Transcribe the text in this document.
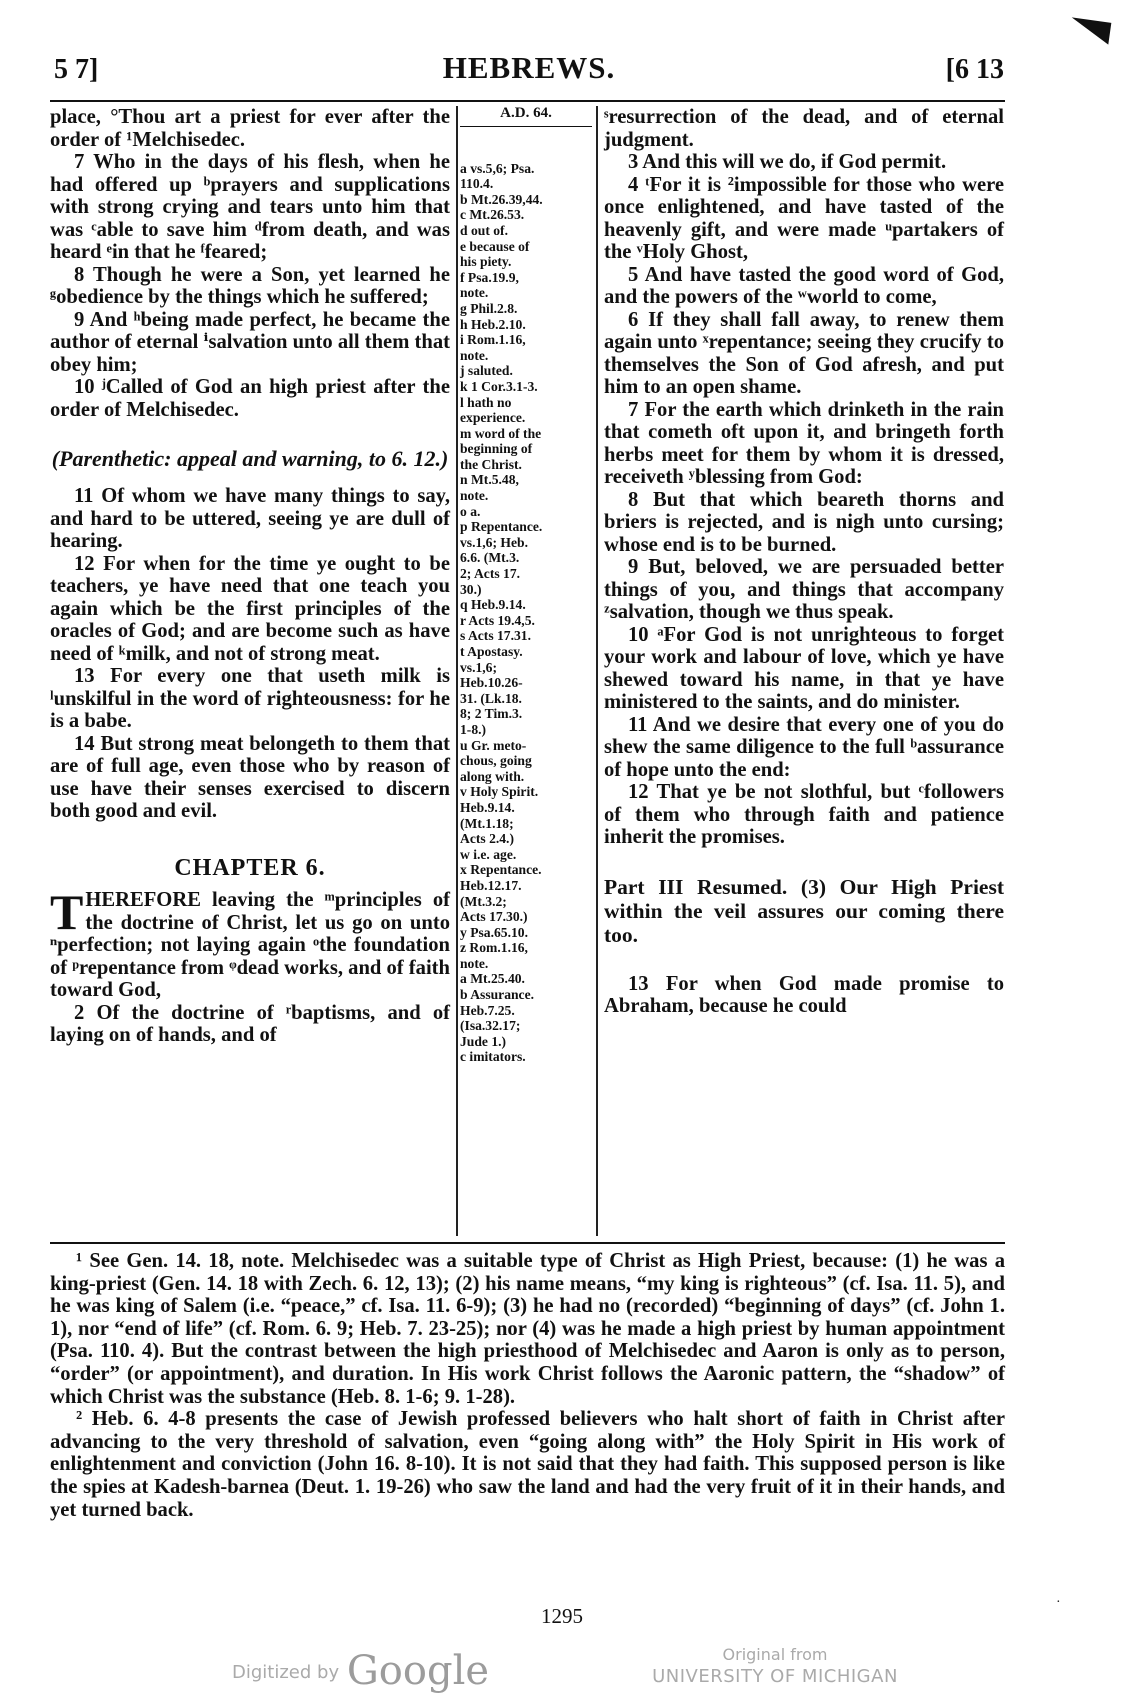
5 7]	HEBREWS.	[6 13

place, °Thou art a priest for ever after the order of ¹Melchisedec.

7 Who in the days of his flesh, when he had offered up ᵇprayers and supplications with strong crying and tears unto him that was ᶜable to save him ᵈfrom death, and was heard ᵉin that he ᶠfeared;

8 Though he were a Son, yet learned he ᵍobedience by the things which he suffered;

9 And ʰbeing made perfect, he became the author of eternal ⁱsalvation unto all them that obey him;

10 ʲCalled of God an high priest after the order of Melchisedec.

(Parenthetic: appeal and warning, to 6. 12.)

11 Of whom we have many things to say, and hard to be uttered, seeing ye are dull of hearing.

12 For when for the time ye ought to be teachers, ye have need that one teach you again which be the first principles of the oracles of God; and are become such as have need of ᵏmilk, and not of strong meat.

13 For every one that useth milk is ˡunskilful in the word of righteousness: for he is a babe.

14 But strong meat belongeth to them that are of full age, even those who by reason of use have their senses exercised to discern both good and evil.

CHAPTER 6.

THEREFORE leaving the ᵐprinciples of the doctrine of Christ, let us go on unto ⁿperfection; not laying again ᵒthe foundation of ᵖrepentance from ᵠdead works, and of faith toward God,

2 Of the doctrine of ʳbaptisms, and of laying on of hands, and of

A.D. 64.
a vs.5,6; Psa.
110.4.
b Mt.26.39,44.
c Mt.26.53.
d out of.
e because of
his piety.
f Psa.19.9,
note.
g Phil.2.8.
h Heb.2.10.
i Rom.1.16,
note.
j saluted.
k 1 Cor.3.1-3.
l hath no
experience.
m word of the
beginning of
the Christ.
n Mt.5.48,
note.
o a.
p Repentance.
vs.1,6; Heb.
6.6. (Mt.3.
2; Acts 17.
30.)
q Heb.9.14.
r Acts 19.4,5.
s Acts 17.31.
t Apostasy.
vs.1,6;
Heb.10.26-
31. (Lk.18.
8; 2 Tim.3.
1-8.)
u Gr. meto-
chous, going
along with.
v Holy Spirit.
Heb.9.14.
(Mt.1.18;
Acts 2.4.)
w i.e. age.
x Repentance.
Heb.12.17.
(Mt.3.2;
Acts 17.30.)
y Psa.65.10.
z Rom.1.16,
note.
a Mt.25.40.
b Assurance.
Heb.7.25.
(Isa.32.17;
Jude 1.)
c imitators.

ˢresurrection of the dead, and of eternal judgment.

3 And this will we do, if God permit.

4 ᵗFor it is ²impossible for those who were once enlightened, and have tasted of the heavenly gift, and were made ᵘpartakers of the ᵛHoly Ghost,

5 And have tasted the good word of God, and the powers of the ʷworld to come,

6 If they shall fall away, to renew them again unto ˣrepentance; seeing they crucify to themselves the Son of God afresh, and put him to an open shame.

7 For the earth which drinketh in the rain that cometh oft upon it, and bringeth forth herbs meet for them by whom it is dressed, receiveth ʸblessing from God:

8 But that which beareth thorns and briers is rejected, and is nigh unto cursing; whose end is to be burned.

9 But, beloved, we are persuaded better things of you, and things that accompany ᶻsalvation, though we thus speak.

10 ᵃFor God is not unrighteous to forget your work and labour of love, which ye have shewed toward his name, in that ye have ministered to the saints, and do minister.

11 And we desire that every one of you do shew the same diligence to the full ᵇassurance of hope unto the end:

12 That ye be not slothful, but ᶜfollowers of them who through faith and patience inherit the promises.

Part III Resumed. (3) Our High Priest within the veil assures our coming there too.

13 For when God made promise to Abraham, because he could

¹ See Gen. 14. 18, note. Melchisedec was a suitable type of Christ as High Priest, because: (1) he was a king-priest (Gen. 14. 18 with Zech. 6. 12, 13); (2) his name means, “my king is righteous” (cf. Isa. 11. 5), and he was king of Salem (i.e. “peace,” cf. Isa. 11. 6-9); (3) he had no (recorded) “beginning of days” (cf. John 1. 1), nor “end of life” (cf. Rom. 6. 9; Heb. 7. 23-25); nor (4) was he made a high priest by human appointment (Psa. 110. 4). But the contrast between the high priesthood of Melchisedec and Aaron is only as to person, “order” (or appointment), and duration. In His work Christ follows the Aaronic pattern, the “shadow” of which Christ was the substance (Heb. 8. 1-6; 9. 1-28).

² Heb. 6. 4-8 presents the case of Jewish professed believers who halt short of faith in Christ after advancing to the very threshold of salvation, even “going along with” the Holy Spirit in His work of enlightenment and conviction (John 16. 8-10). It is not said that they had faith. This supposed person is like the spies at Kadesh-barnea (Deut. 1. 19-26) who saw the land and had the very fruit of it in their hands, and yet turned back.

1295
·
Digitized by Google	Original from
UNIVERSITY OF MICHIGAN
